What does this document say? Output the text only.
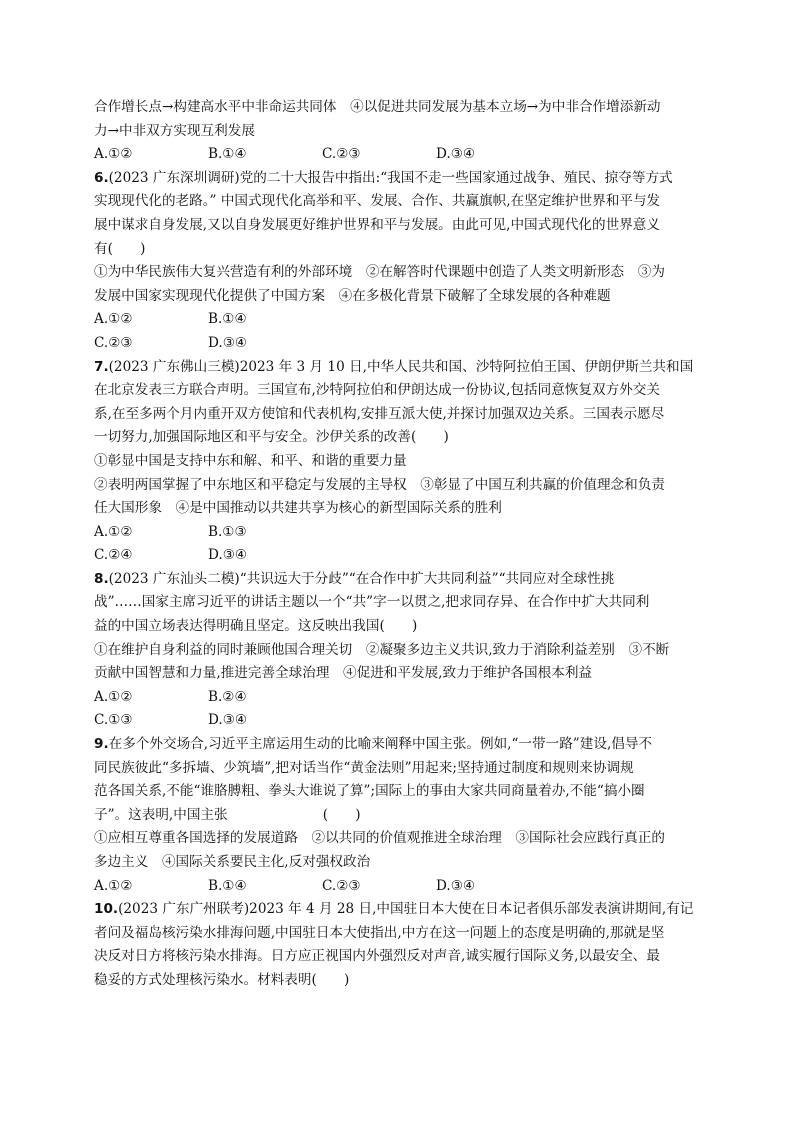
合作增长点→构建高水平中非命运共同体　④以促进共同发展为基本立场→为中非合作增添新动
力→中非双方实现互利发展
A.①②	B.①④	C.②③	D.③④
6.(2023 广东深圳调研)党的二十大报告中指出:“我国不走一些国家通过战争、殖民、掠夺等方式
实现现代化的老路。” 中国式现代化高举和平、发展、合作、共赢旗帜,在坚定维护世界和平与发
展中谋求自身发展,又以自身发展更好维护世界和平与发展。由此可见,中国式现代化的世界意义
有(　　)
①为中华民族伟大复兴营造有利的外部环境　②在解答时代课题中创造了人类文明新形态　③为
发展中国家实现现代化提供了中国方案　④在多极化背景下破解了全球发展的各种难题
A.①②	B.①④
C.②③	D.③④
7.(2023 广东佛山三模)2023 年 3 月 10 日,中华人民共和国、沙特阿拉伯王国、伊朗伊斯兰共和国
在北京发表三方联合声明。三国宣布,沙特阿拉伯和伊朗达成一份协议,包括同意恢复双方外交关
系,在至多两个月内重开双方使馆和代表机构,安排互派大使,并探讨加强双边关系。三国表示愿尽
一切努力,加强国际地区和平与安全。沙伊关系的改善(　　)
①彰显中国是支持中东和解、和平、和谐的重要力量
②表明两国掌握了中东地区和平稳定与发展的主导权　③彰显了中国互利共赢的价值理念和负责
任大国形象　④是中国推动以共建共享为核心的新型国际关系的胜利
A.①②	B.①③
C.②④	D.③④
8.(2023 广东汕头二模)“共识远大于分歧”“在合作中扩大共同利益”“共同应对全球性挑
战”……国家主席习近平的讲话主题以一个“共”字一以贯之,把求同存异、在合作中扩大共同利
益的中国立场表达得明确且坚定。这反映出我国(　　)
①在维护自身利益的同时兼顾他国合理关切　②凝聚多边主义共识,致力于消除利益差别　③不断
贡献中国智慧和力量,推进完善全球治理　④促进和平发展,致力于维护各国根本利益
A.①②	B.②④
C.①③	D.③④
9.在多个外交场合,习近平主席运用生动的比喻来阐释中国主张。例如,“一带一路”建设,倡导不
同民族彼此“多拆墙、少筑墙”,把对话当作“黄金法则”用起来;坚持通过制度和规则来协调规
范各国关系,不能“谁胳膊粗、拳头大谁说了算”;国际上的事由大家共同商量着办,不能“搞小圈
子”。这表明,中国主张　　　　　　　(　　)
①应相互尊重各国选择的发展道路　②以共同的价值观推进全球治理　③国际社会应践行真正的
多边主义　④国际关系要民主化,反对强权政治
A.①②	B.①④	C.②③	D.③④
10.(2023 广东广州联考)2023 年 4 月 28 日,中国驻日本大使在日本记者俱乐部发表演讲期间,有记
者问及福岛核污染水排海问题,中国驻日本大使指出,中方在这一问题上的态度是明确的,那就是坚
决反对日方将核污染水排海。日方应正视国内外强烈反对声音,诚实履行国际义务,以最安全、最
稳妥的方式处理核污染水。材料表明(　　)
